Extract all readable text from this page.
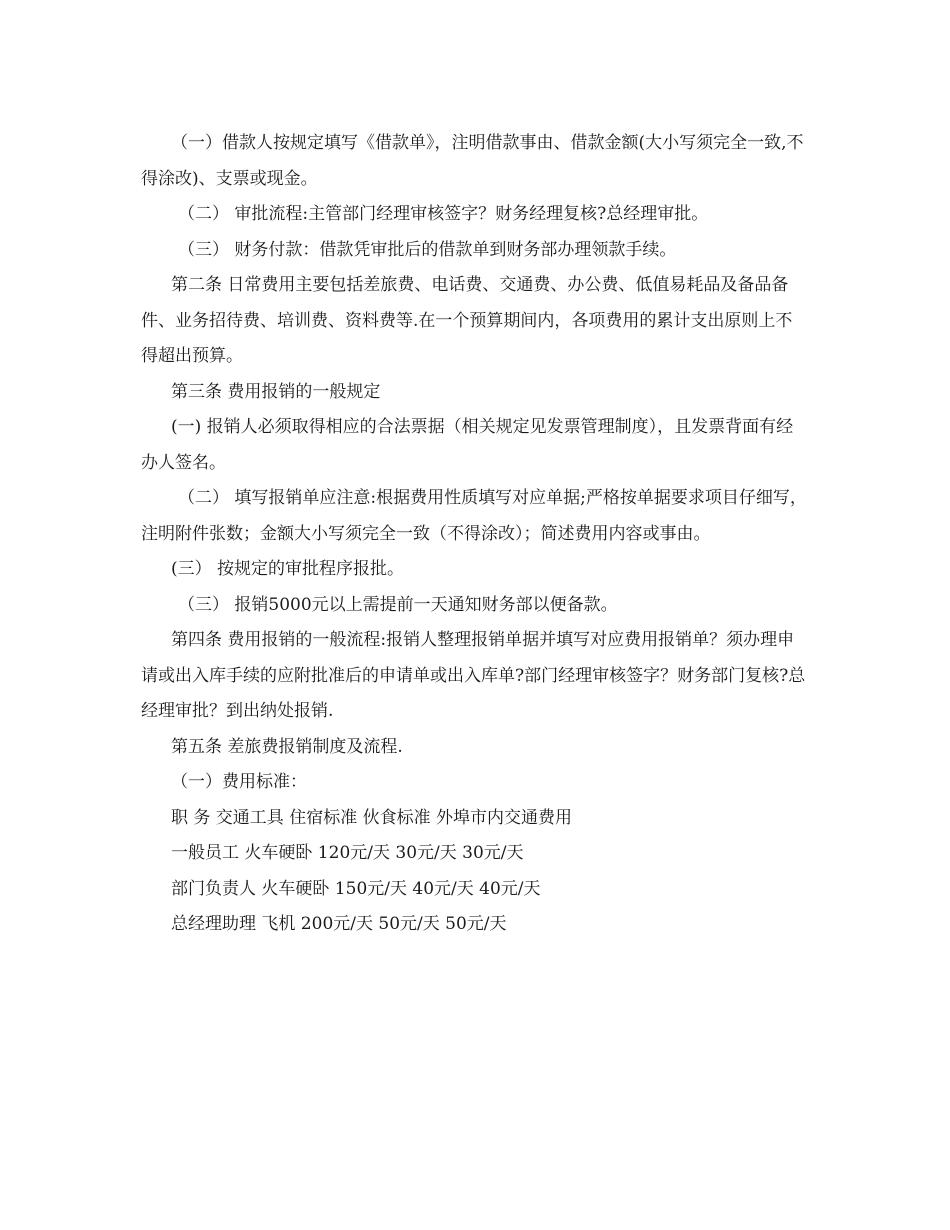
（一）借款人按规定填写《借款单》，注明借款事由、借款金额(大小写须完全一致,不得涂改)、支票或现金。

（二） 审批流程:主管部门经理审核签字？财务经理复核?总经理审批。

（三） 财务付款：借款凭审批后的借款单到财务部办理领款手续。

第二条 日常费用主要包括差旅费、电话费、交通费、办公费、低值易耗品及备品备件、业务招待费、培训费、资料费等.在一个预算期间内，各项费用的累计支出原则上不得超出预算。

第三条 费用报销的一般规定

(一) 报销人必须取得相应的合法票据（相关规定见发票管理制度），且发票背面有经办人签名。

（二） 填写报销单应注意:根据费用性质填写对应单据;严格按单据要求项目仔细写，注明附件张数；金额大小写须完全一致（不得涂改）；简述费用内容或事由。

(三） 按规定的审批程序报批。

（三） 报销5000元以上需提前一天通知财务部以便备款。

第四条 费用报销的一般流程:报销人整理报销单据并填写对应费用报销单？须办理申请或出入库手续的应附批准后的申请单或出入库单?部门经理审核签字？财务部门复核?总经理审批？到出纳处报销.

第五条 差旅费报销制度及流程.

（一）费用标准：

职 务 交通工具 住宿标准 伙食标准 外埠市内交通费用

一般员工 火车硬卧 120元/天 30元/天 30元/天

部门负责人 火车硬卧 150元/天 40元/天 40元/天

总经理助理 飞机 200元/天 50元/天 50元/天
